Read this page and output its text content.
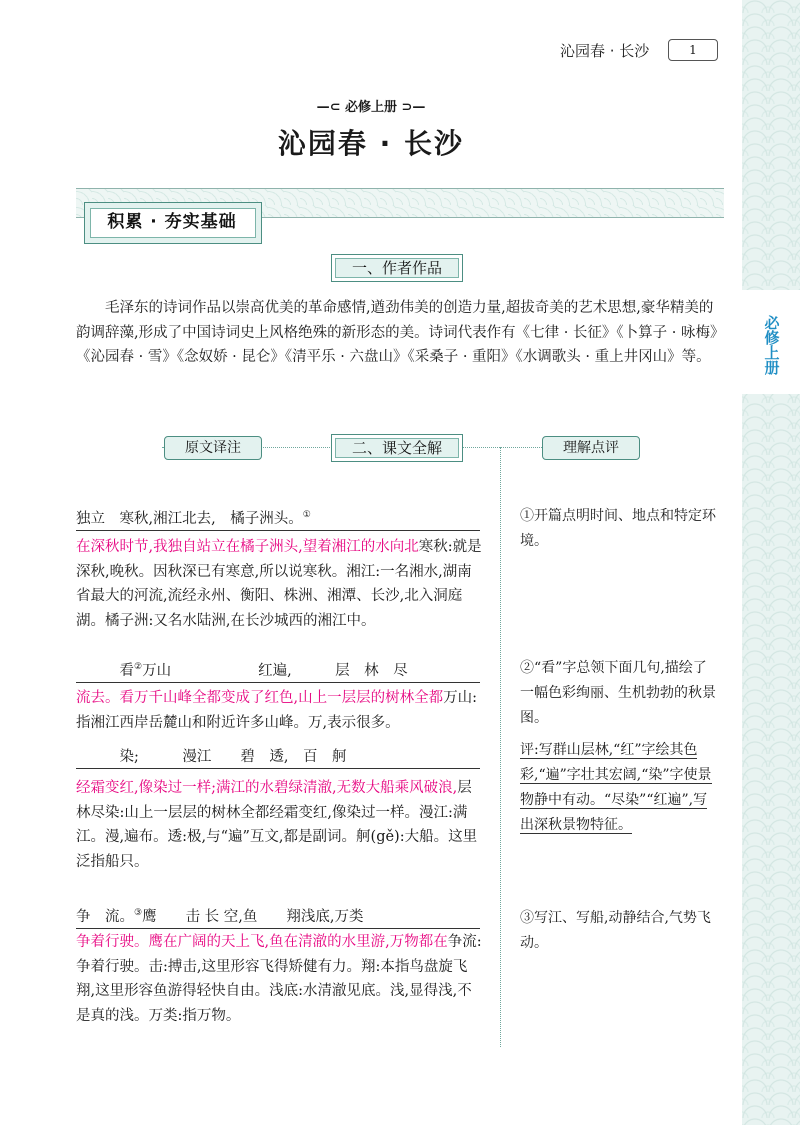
必修上册
沁园春 · 长沙	1
—⊂ 必修上册 ⊃—
沁园春 · 长沙
积累 · 夯实基础
一、作者作品
毛泽东的诗词作品以崇高优美的革命感情,遒劲伟美的创造力量,超拔奇美的艺术思想,豪华精美的韵调辞藻,形成了中国诗词史上风格绝殊的新形态的美。诗词代表作有《七律 · 长征》《卜算子 · 咏梅》《沁园春 · 雪》《念奴娇 · 昆仑》《清平乐 · 六盘山》《采桑子 · 重阳》《水调歌头 · 重上井冈山》等。
原文译注	二、课文全解	理解点评
独立　寒秋,湘江北去,　橘子洲头。①
在深秋时节,我独自站立在橘子洲头,望着湘江的水向北寒秋:就是深秋,晚秋。因秋深已有寒意,所以说寒秋。湘江:一名湘水,湖南省最大的河流,流经永州、衡阳、株洲、湘潭、长沙,北入洞庭湖。橘子洲:又名水陆洲,在长沙城西的湘江中。
　　　看②万山　　　　　　红遍,　　　层　林　尽
流去。看万千山峰全都变成了红色,山上一层层的树林全都万山:指湘江西岸岳麓山和附近许多山峰。万,表示很多。
　　　染;　　　漫江　　碧　透,　百　舸
经霜变红,像染过一样;满江的水碧绿清澈,无数大船乘风破浪,层林尽染:山上一层层的树林全都经霜变红,像染过一样。漫江:满江。漫,遍布。透:极,与“遍”互文,都是副词。舸(gě):大船。这里泛指船只。
争　流。③鹰　　击 长 空,鱼　　翔浅底,万类
争着行驶。鹰在广阔的天上飞,鱼在清澈的水里游,万物都在争流:争着行驶。击:搏击,这里形容飞得矫健有力。翔:本指鸟盘旋飞翔,这里形容鱼游得轻快自由。浅底:水清澈见底。浅,显得浅,不是真的浅。万类:指万物。
①开篇点明时间、地点和特定环境。
②“看”字总领下面几句,描绘了一幅色彩绚丽、生机勃勃的秋景图。
评:写群山层林,“红”字绘其色彩,“遍”字壮其宏阔,“染”字使景物静中有动。“尽染”“红遍”,写出深秋景物特征。
③写江、写船,动静结合,气势飞动。
